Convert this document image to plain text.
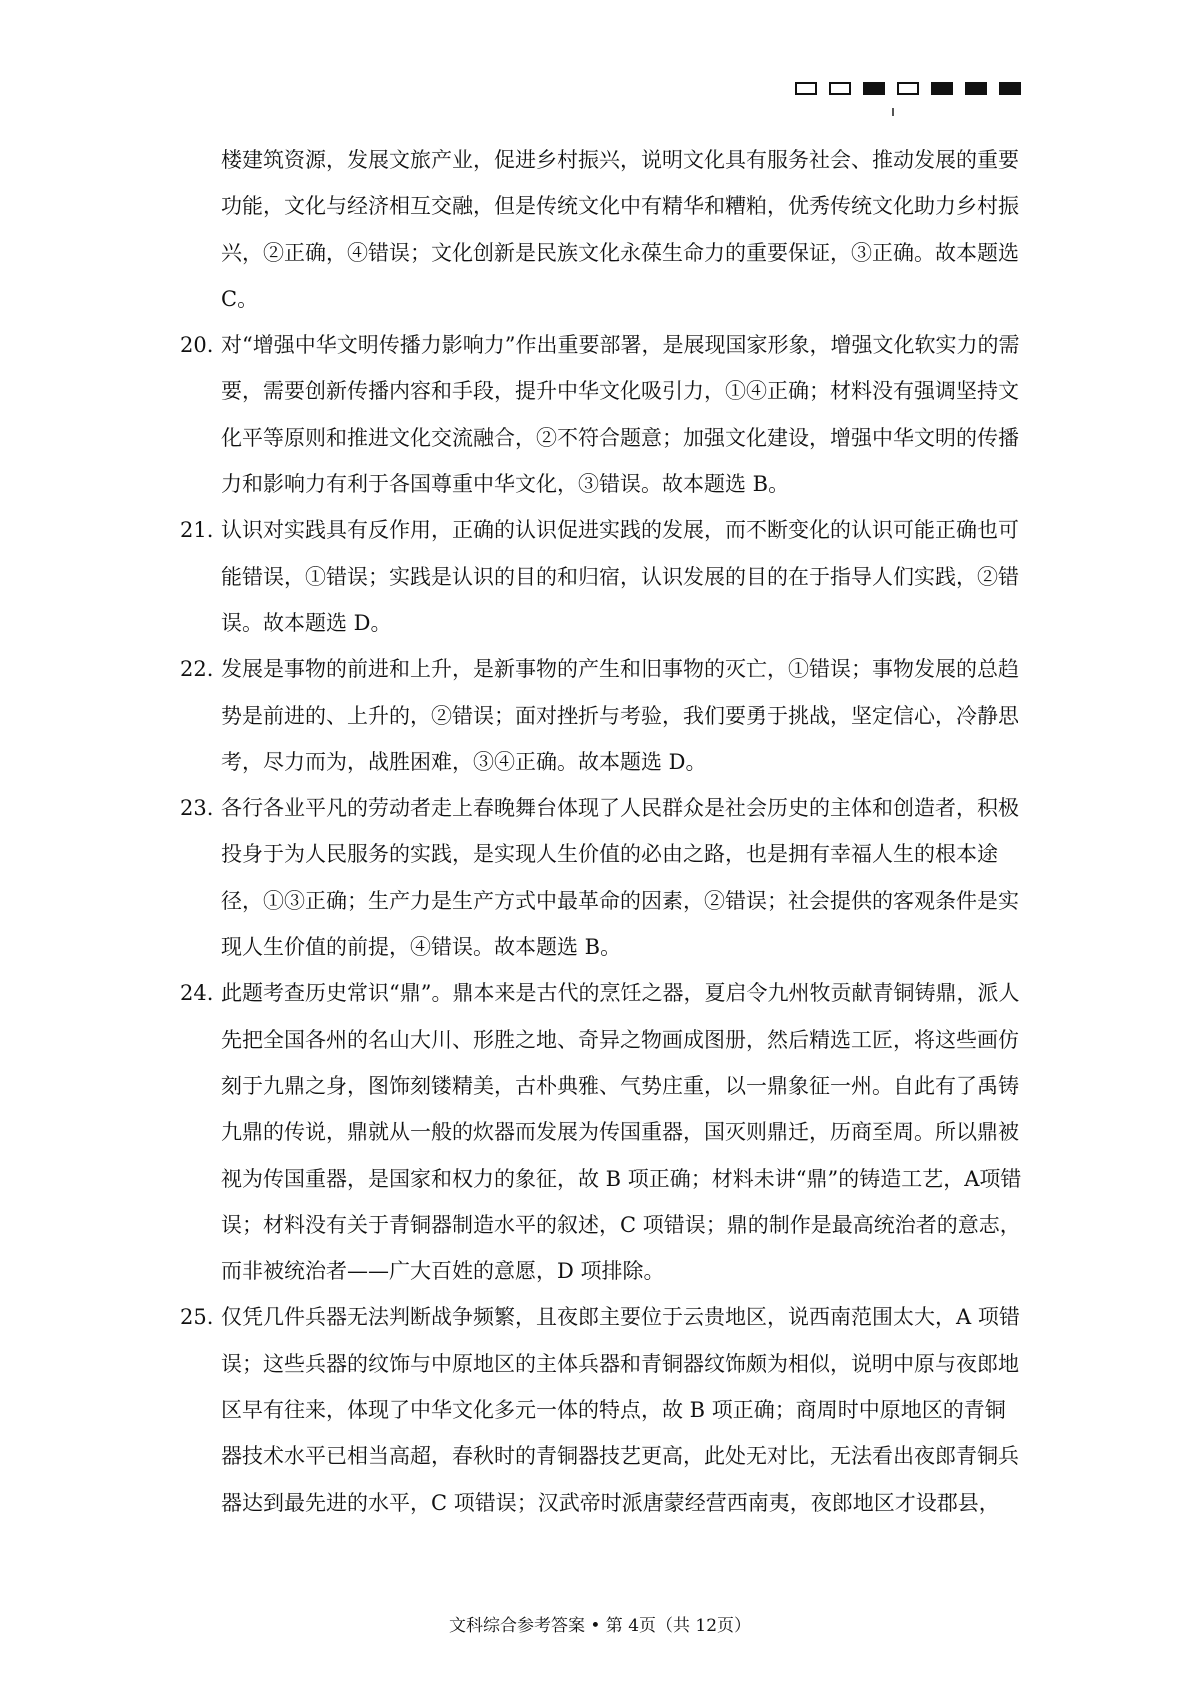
楼建筑资源，发展文旅产业，促进乡村振兴，说明文化具有服务社会、推动发展的重要功能，文化与经济相互交融，但是传统文化中有精华和糟粕，优秀传统文化助力乡村振兴，②正确，④错误；文化创新是民族文化永葆生命力的重要保证，③正确。故本题选C。

20. 对“增强中华文明传播力影响力”作出重要部署，是展现国家形象，增强文化软实力的需要，需要创新传播内容和手段，提升中华文化吸引力，①④正确；材料没有强调坚持文化平等原则和推进文化交流融合，②不符合题意；加强文化建设，增强中华文明的传播力和影响力有利于各国尊重中华文化，③错误。故本题选 B。

21. 认识对实践具有反作用，正确的认识促进实践的发展，而不断变化的认识可能正确也可能错误，①错误；实践是认识的目的和归宿，认识发展的目的在于指导人们实践，②错误。故本题选 D。

22. 发展是事物的前进和上升，是新事物的产生和旧事物的灭亡，①错误；事物发展的总趋势是前进的、上升的，②错误；面对挫折与考验，我们要勇于挑战，坚定信心，冷静思考，尽力而为，战胜困难，③④正确。故本题选 D。

23. 各行各业平凡的劳动者走上春晚舞台体现了人民群众是社会历史的主体和创造者，积极投身于为人民服务的实践，是实现人生价值的必由之路，也是拥有幸福人生的根本途径，①③正确；生产力是生产方式中最革命的因素，②错误；社会提供的客观条件是实现人生价值的前提，④错误。故本题选 B。

24. 此题考查历史常识“鼎”。鼎本来是古代的烹饪之器，夏启令九州牧贡献青铜铸鼎，派人先把全国各州的名山大川、形胜之地、奇异之物画成图册，然后精选工匠，将这些画仿刻于九鼎之身，图饰刻镂精美，古朴典雅、气势庄重，以一鼎象征一州。自此有了禹铸九鼎的传说，鼎就从一般的炊器而发展为传国重器，国灭则鼎迁，历商至周。所以鼎被视为传国重器，是国家和权力的象征，故 B 项正确；材料未讲“鼎”的铸造工艺，A项错误；材料没有关于青铜器制造水平的叙述，C 项错误；鼎的制作是最高统治者的意志，而非被统治者——广大百姓的意愿，D 项排除。

25. 仅凭几件兵器无法判断战争频繁，且夜郎主要位于云贵地区，说西南范围太大，A 项错误；这些兵器的纹饰与中原地区的主体兵器和青铜器纹饰颇为相似，说明中原与夜郎地区早有往来，体现了中华文化多元一体的特点，故 B 项正确；商周时中原地区的青铜器技术水平已相当高超，春秋时的青铜器技艺更高，此处无对比，无法看出夜郎青铜兵器达到最先进的水平，C 项错误；汉武帝时派唐蒙经营西南夷，夜郎地区才设郡县，

文科综合参考答案 • 第 4页（共 12页）
